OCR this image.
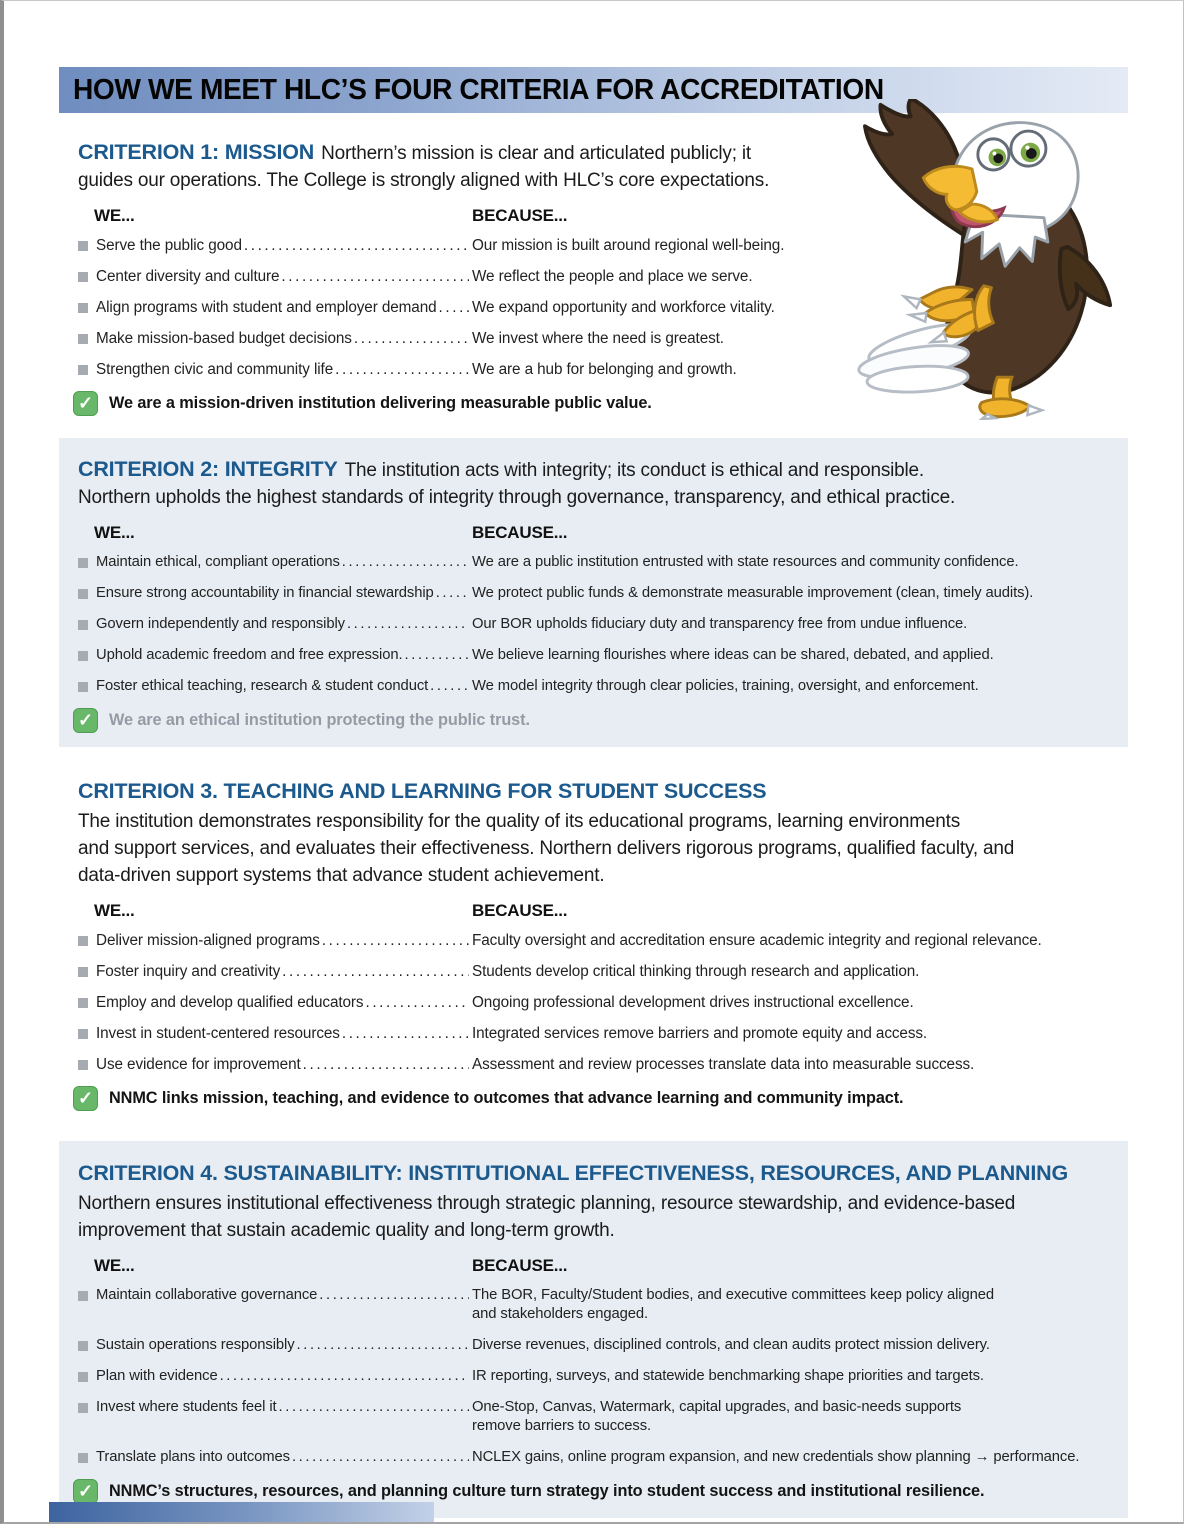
HOW WE MEET HLC’S FOUR CRITERIA FOR ACCREDITATION
CRITERION 1: MISSION Northern’s mission is clear and articulated publicly; it
guides our operations. The College is strongly aligned with HLC’s core expectations.
WE...	BECAUSE...
Serve the public good .....	Our mission is built around regional well-being.
Center diversity and culture .....	We reflect the people and place we serve.
Align programs with student and employer demand ..... We expand opportunity and workforce vitality.
Make mission-based budget decisions .....	We invest where the need is greatest.
Strengthen civic and community life .....	We are a hub for belonging and growth.
✓ We are a mission-driven institution delivering measurable public value.
CRITERION 2: INTEGRITY The institution acts with integrity; its conduct is ethical and responsible.
Northern upholds the highest standards of integrity through governance, transparency, and ethical practice.
WE...	BECAUSE...
Maintain ethical, compliant operations .....	We are a public institution entrusted with state resources and community confidence.
Ensure strong accountability in financial stewardship .....	We protect public funds & demonstrate measurable improvement (clean, timely audits).
Govern independently and responsibly .....	Our BOR upholds fiduciary duty and transparency free from undue influence.
Uphold academic freedom and free expression. .....	We believe learning flourishes where ideas can be shared, debated, and applied.
Foster ethical teaching, research & student conduct .....	We model integrity through clear policies, training, oversight, and enforcement.
✓ We are an ethical institution protecting the public trust.
CRITERION 3. TEACHING AND LEARNING FOR STUDENT SUCCESS
The institution demonstrates responsibility for the quality of its educational programs, learning environments
and support services, and evaluates their effectiveness. Northern delivers rigorous programs, qualified faculty, and
data-driven support systems that advance student achievement.
WE...	BECAUSE...
Deliver mission-aligned programs .....	Faculty oversight and accreditation ensure academic integrity and regional relevance.
Foster inquiry and creativity .....	Students develop critical thinking through research and application.
Employ and develop qualified educators .....	Ongoing professional development drives instructional excellence.
Invest in student-centered resources .....	Integrated services remove barriers and promote equity and access.
Use evidence for improvement .....	Assessment and review processes translate data into measurable success.
✓ NNMC links mission, teaching, and evidence to outcomes that advance learning and community impact.
CRITERION 4. SUSTAINABILITY: INSTITUTIONAL EFFECTIVENESS, RESOURCES, AND PLANNING
Northern ensures institutional effectiveness through strategic planning, resource stewardship, and evidence-based
improvement that sustain academic quality and long-term growth.
WE...	BECAUSE...
Maintain collaborative governance .....	The BOR, Faculty/Student bodies, and executive committees keep policy aligned
and stakeholders engaged.
Sustain operations responsibly .....	Diverse revenues, disciplined controls, and clean audits protect mission delivery.
Plan with evidence .....	IR reporting, surveys, and statewide benchmarking shape priorities and targets.
Invest where students feel it .....	One-Stop, Canvas, Watermark, capital upgrades, and basic-needs supports
remove barriers to success.
Translate plans into outcomes .....	NCLEX gains, online program expansion, and new credentials show planning → performance.
✓ NNMC’s structures, resources, and planning culture turn strategy into student success and institutional resilience.
